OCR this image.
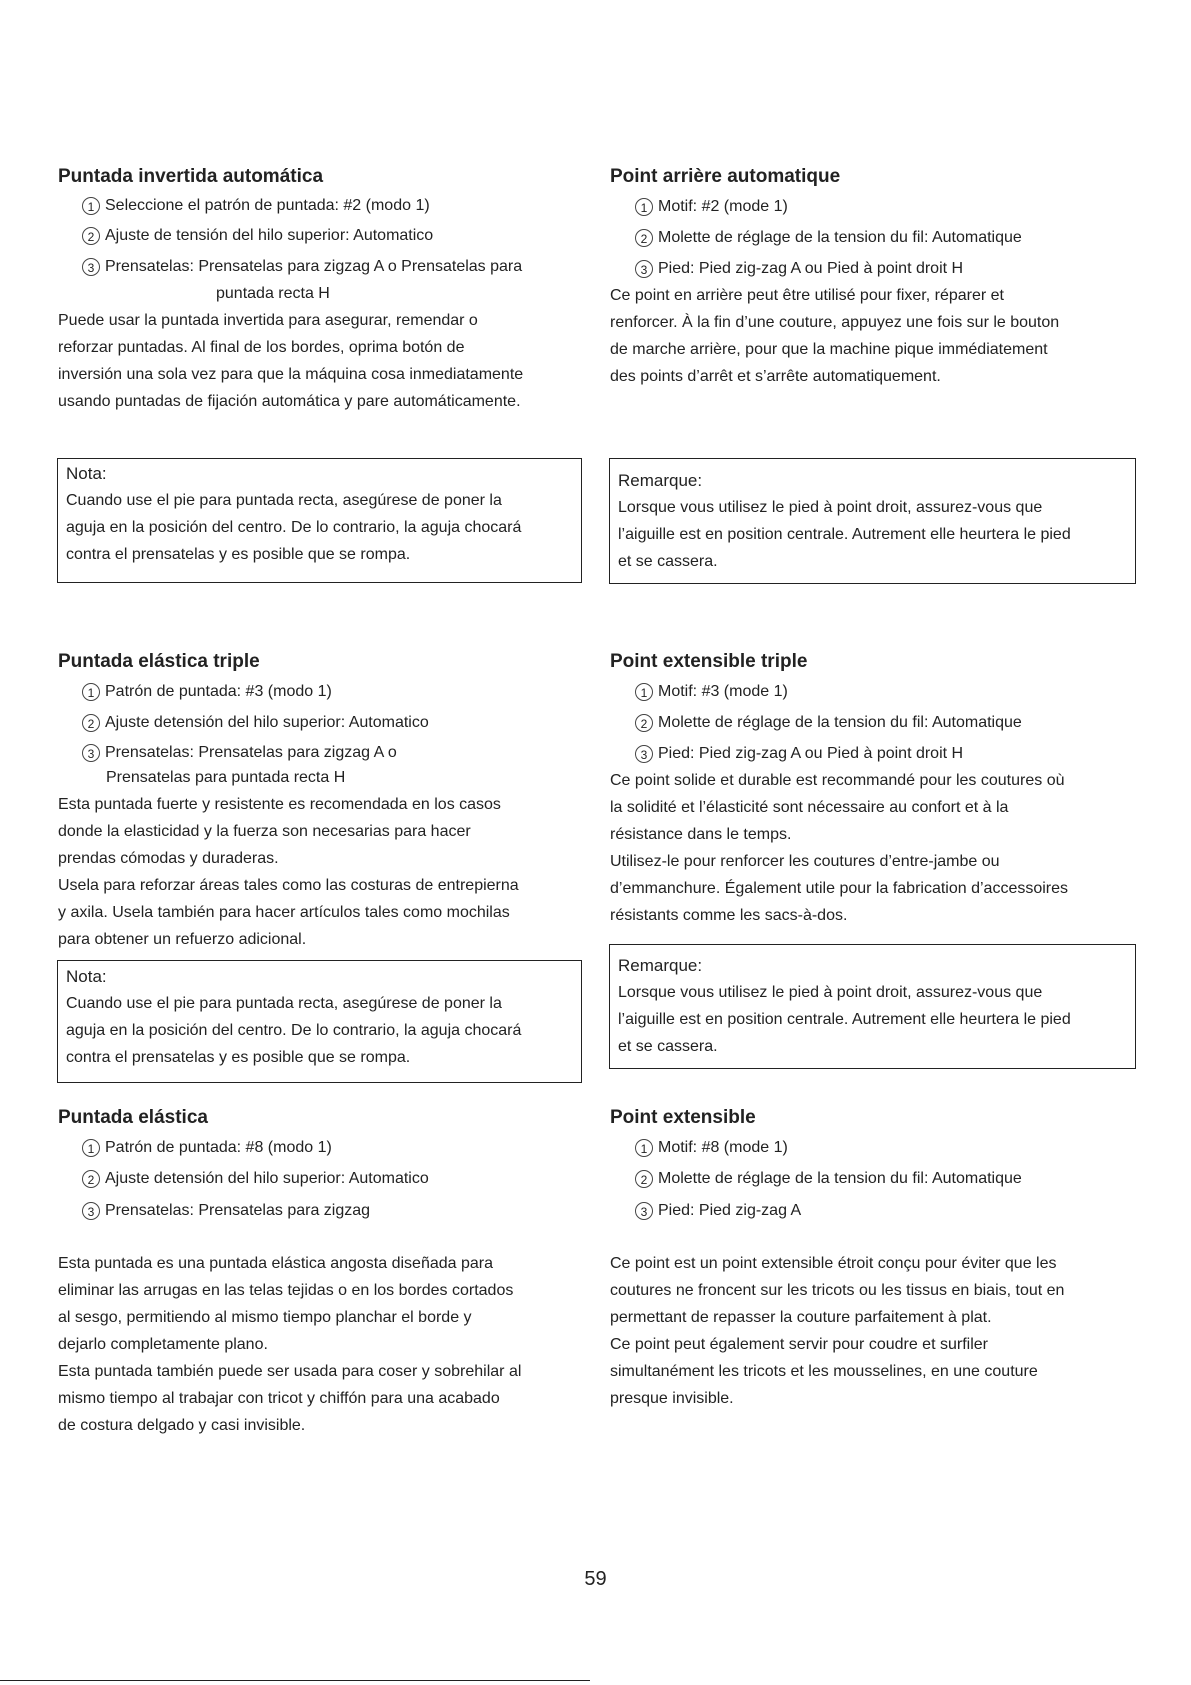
Puntada invertida automática
1 Seleccione el patrón de puntada: #2 (modo 1)
2 Ajuste de tensión del hilo superior: Automatico
3 Prensatelas: Prensatelas para zigzag A o Prensatelas para
puntada recta H
Puede usar la puntada invertida para asegurar, remendar o
reforzar puntadas. Al final de los bordes, oprima botón de
inversión una sola vez para que la máquina cosa inmediatamente
usando puntadas de fijación automática y pare automáticamente.
Nota:
Cuando use el pie para puntada recta, asegúrese de poner la
aguja en la posición del centro. De lo contrario, la aguja chocará
contra el prensatelas y es posible que se rompa.
Puntada elástica triple
1 Patrón de puntada: #3 (modo 1)
2 Ajuste detensión del hilo superior: Automatico
3 Prensatelas: Prensatelas para zigzag A o
Prensatelas para puntada recta H
Esta puntada fuerte y resistente es recomendada en los casos
donde la elasticidad y la fuerza son necesarias para hacer
prendas cómodas y duraderas.
Usela para reforzar áreas tales como las costuras de entrepierna
y axila. Usela también para hacer artículos tales como mochilas
para obtener un refuerzo adicional.
Nota:
Cuando use el pie para puntada recta, asegúrese de poner la
aguja en la posición del centro. De lo contrario, la aguja chocará
contra el prensatelas y es posible que se rompa.
Puntada elástica
1 Patrón de puntada: #8 (modo 1)
2 Ajuste detensión del hilo superior: Automatico
3 Prensatelas: Prensatelas para zigzag
Esta puntada es una puntada elástica angosta diseñada para
eliminar las arrugas en las telas tejidas o en los bordes cortados
al sesgo, permitiendo al mismo tiempo planchar el borde y
dejarlo completamente plano.
Esta puntada también puede ser usada para coser y sobrehilar al
mismo tiempo al trabajar con tricot y chiffón para una acabado
de costura delgado y casi invisible.
Point arrière automatique
1 Motif: #2 (mode 1)
2 Molette de réglage de la tension du fil: Automatique
3 Pied: Pied zig-zag A ou Pied à point droit H
Ce point en arrière peut être utilisé pour fixer, réparer et
renforcer. À la fin d’une couture, appuyez une fois sur le bouton
de marche arrière, pour que la machine pique immédiatement
des points d’arrêt et s’arrête automatiquement.
Remarque:
Lorsque vous utilisez le pied à point droit, assurez-vous que
l’aiguille est en position centrale. Autrement elle heurtera le pied
et se cassera.
Point extensible triple
1 Motif: #3 (mode 1)
2 Molette de réglage de la tension du fil: Automatique
3 Pied: Pied zig-zag A ou Pied à point droit H
Ce point solide et durable est recommandé pour les coutures où
la solidité et l’élasticité sont nécessaire au confort et à la
résistance dans le temps.
Utilisez-le pour renforcer les coutures d’entre-jambe ou
d’emmanchure. Également utile pour la fabrication d’accessoires
résistants comme les sacs-à-dos.
Remarque:
Lorsque vous utilisez le pied à point droit, assurez-vous que
l’aiguille est en position centrale. Autrement elle heurtera le pied
et se cassera.
Point extensible
1 Motif: #8 (mode 1)
2 Molette de réglage de la tension du fil: Automatique
3 Pied: Pied zig-zag A
Ce point est un point extensible étroit conçu pour éviter que les
coutures ne froncent sur les tricots ou les tissus en biais, tout en
permettant de repasser la couture parfaitement à plat.
Ce point peut également servir pour coudre et surfiler
simultanément les tricots et les mousselines, en une couture
presque invisible.
59
